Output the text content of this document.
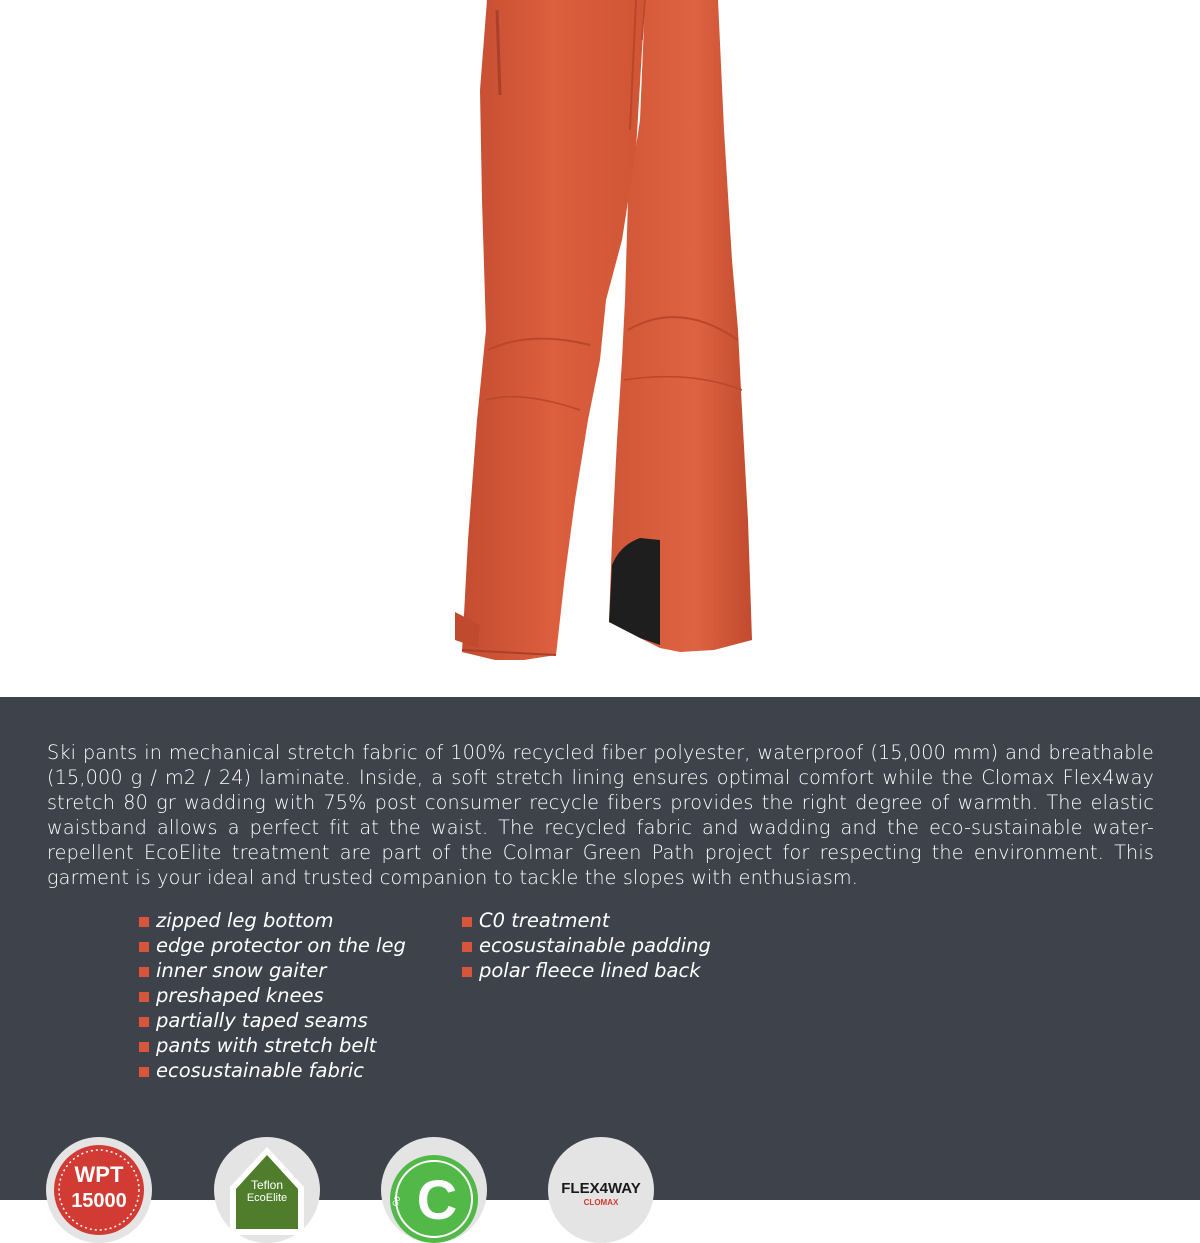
Ski pants in mechanical stretch fabric of 100% recycled fiber polyester, waterproof (15,000 mm) and breathable (15,000 g / m2 / 24) laminate. Inside, a soft stretch lining ensures optimal comfort while the Clomax Flex4way stretch 80 gr wadding with 75% post consumer recycle fibers provides the right degree of warmth. The elastic waistband allows a perfect fit at the waist. The recycled fabric and wadding and the eco-sustainable water-repellent EcoElite treatment are part of the Colmar Green Path project for respecting the environment. This garment is your ideal and trusted companion to tackle the slopes with enthusiasm.

zipped leg bottom
edge protector on the leg
inner snow gaiter
preshaped knees
partially taped seams
pants with stretch belt
ecosustainable fabric
C0 treatment
ecosustainable padding
polar fleece lined back
WPT
15000
Teflon
EcoElite C
C0
FLEX4WAY
CLOMAX
